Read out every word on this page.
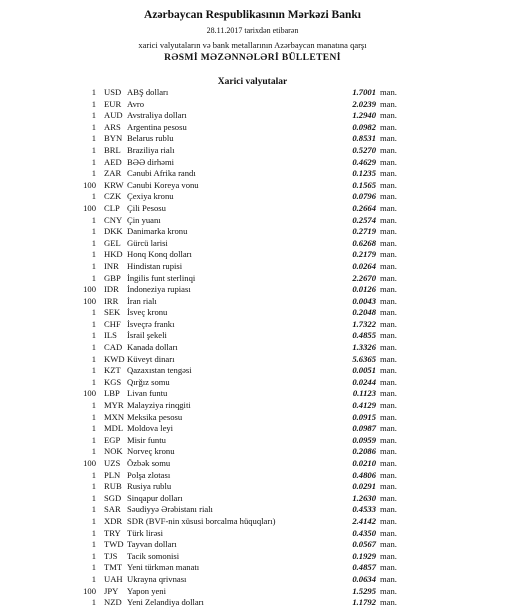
Azərbaycan Respublikasının Mərkəzi Bankı
28.11.2017 tarixdən etibarən
xarici valyutaların və bank metallarının Azərbaycan manatına qarşı
RƏSMİ MƏZƏNNƏLƏRİ BÜLLETENİ
Xarici valyutalar
1 USD ABŞ dolları	1.7001 man.
1 EUR Avro	2.0239 man.
1 AUD Avstraliya dolları	1.2940 man.
1 ARS Argentina pesosu	0.0982 man.
1 BYN Belarus rublu	0.8531 man.
1 BRL Braziliya rialı	0.5270 man.
1 AED BƏƏ dirhəmi	0.4629 man.
1 ZAR Cənubi Afrika randı	0.1235 man.
100 KRW Cənubi Koreya vonu	0.1565 man.
1 CZK Çexiya kronu	0.0796 man.
100 CLP Çili Pesosu	0.2664 man.
1 CNY Çin yuanı	0.2574 man.
1 DKK Danimarka kronu	0.2719 man.
1 GEL Gürcü larisi	0.6268 man.
1 HKD Honq Konq dolları	0.2179 man.
1 INR Hindistan rupisi	0.0264 man.
1 GBP İngilis funt sterlinqi	2.2670 man.
100 IDR İndoneziya rupiası	0.0126 man.
100 IRR	İran rialı	0.0043 man.
1 SEK İsveç kronu	0.2048 man.
1 CHF İsveçrə frankı	1.7322 man.
1 ILS	İsrail şekeli	0.4855 man.
1 CAD Kanada dolları	1.3326 man.
1 KWD Küveyt dinarı	5.6365 man.
1 KZT Qazaxıstan tengəsi	0.0051 man.
1 KGS Qırğız somu	0.0244 man.
100 LBP Livan funtu	0.1123 man.
1 MYR Malayziya rinqgiti	0.4129 man.
1 MXN Meksika pesosu	0.0915 man.
1 MDL Moldova leyi	0.0987 man.
1 EGP Misir funtu	0.0959 man.
1 NOK Norveç kronu	0.2086 man.
100 UZS Özbək somu	0.0210 man.
1 PLN Polşa zlotası	0.4806 man.
1 RUB Rusiya rublu	0.0291 man.
1 SGD Sinqapur dolları	1.2630 man.
1 SAR Səudiyyə Ərəbistanı rialı	0.4533 man.
1 XDR SDR (BVF-nin xüsusi borcalma hüquqları)	2.4142 man.
1 TRY Türk lirəsi	0.4350 man.
1 TWD Tayvan dolları	0.0567 man.
1 TJS	Tacik somonisi	0.1929 man.
1 TMT Yeni türkmən manatı	0.4857 man.
1 UAH Ukrayna qrivnası	0.0634 man.
100 JPY	Yapon yeni	1.5295 man.
1 NZD Yeni Zelandiya dolları	1.1792 man.
